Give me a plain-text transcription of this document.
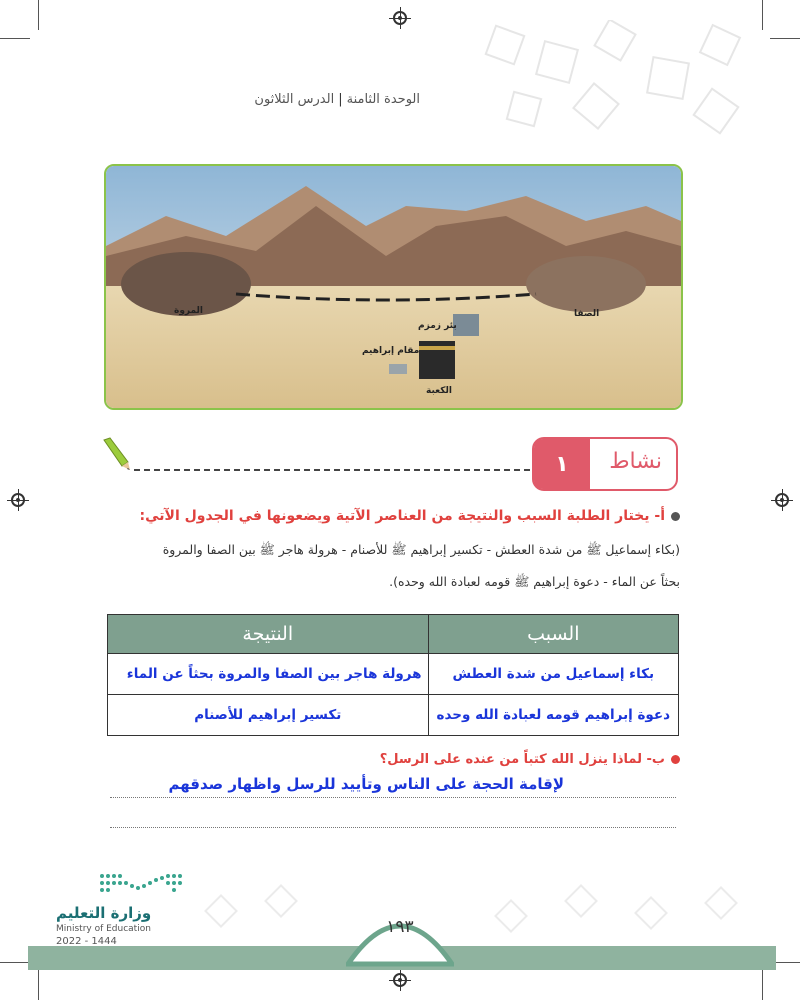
الوحدة الثامنة|الدرس الثلاثون
المروة	الصفا
بئر زمزم
مقام إبراهيم
الكعبة
١	نشاط
أ- يختار الطلبة السبب والنتيجة من العناصر الآتية ويضعونها في الجدول الآتي:
(بكاء إسماعيل ﷺ من شدة العطش - تكسير إبراهيم ﷺ للأصنام - هرولة هاجر ﷺ بين الصفا والمروة
بحثاً عن الماء - دعوة إبراهيم ﷺ قومه لعبادة الله وحده).
السبب	النتيجة
بكاء إسماعيل من شدة العطش	هرولة هاجر بين الصفا والمروة بحثاً عن الماء
دعوة إبراهيم قومه لعبادة الله وحده	تكسير إبراهيم للأصنام
ب- لماذا ينزل الله كتباً من عنده على الرسل؟
لإقامة الحجة على الناس وتأييد للرسل واظهار صدقهم
١٩٣
وزارة التعليم
Ministry of Education
2022 - 1444
